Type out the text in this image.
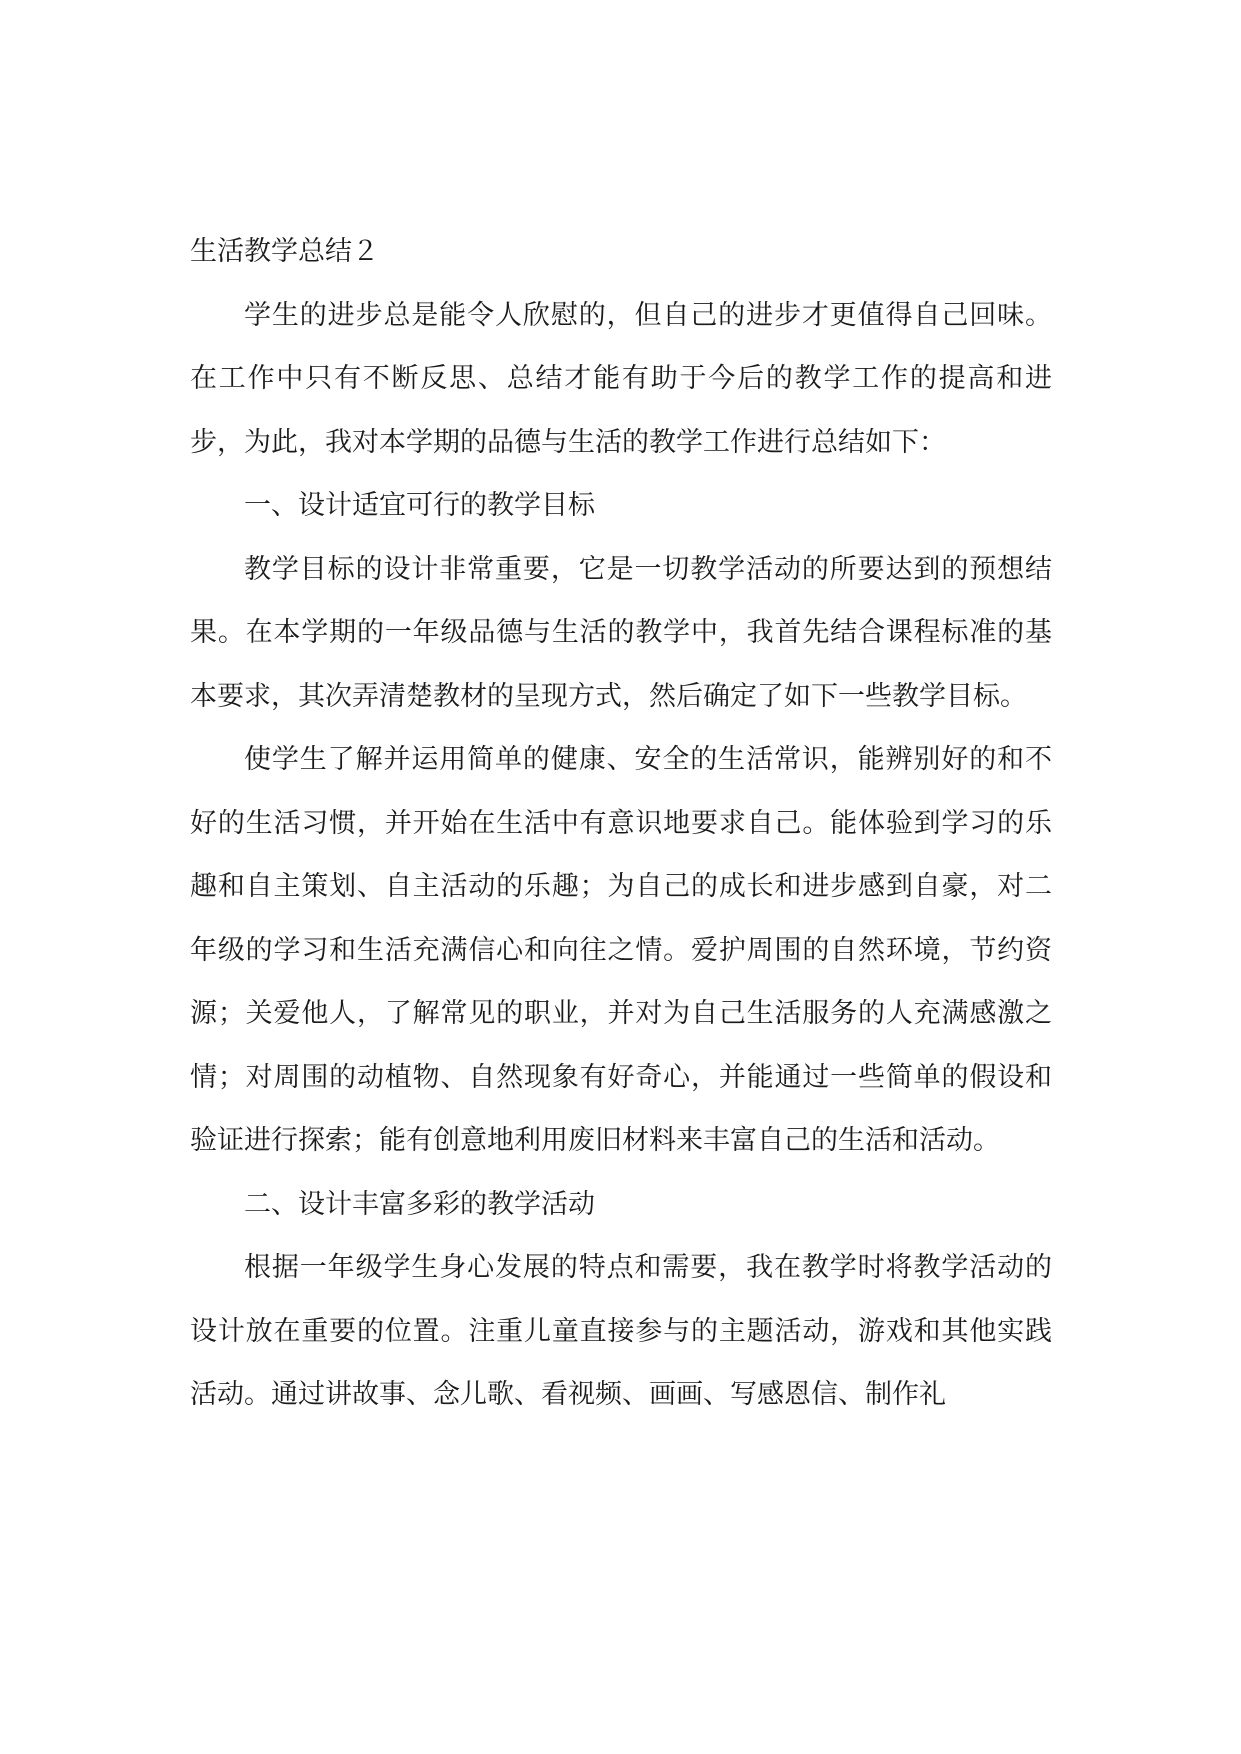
生活教学总结２

学生的进步总是能令人欣慰的，但自己的进步才更值得自己回味。在工作中只有不断反思、总结才能有助于今后的教学工作的提高和进步，为此，我对本学期的品德与生活的教学工作进行总结如下：

一、设计适宜可行的教学目标

教学目标的设计非常重要，它是一切教学活动的所要达到的预想结果。在本学期的一年级品德与生活的教学中，我首先结合课程标准的基本要求，其次弄清楚教材的呈现方式，然后确定了如下一些教学目标。

使学生了解并运用简单的健康、安全的生活常识，能辨别好的和不好的生活习惯，并开始在生活中有意识地要求自己。能体验到学习的乐趣和自主策划、自主活动的乐趣；为自己的成长和进步感到自豪，对二年级的学习和生活充满信心和向往之情。爱护周围的自然环境，节约资源；关爱他人，了解常见的职业，并对为自己生活服务的人充满感激之情；对周围的动植物、自然现象有好奇心，并能通过一些简单的假设和验证进行探索；能有创意地利用废旧材料来丰富自己的生活和活动。

二、设计丰富多彩的教学活动

根据一年级学生身心发展的特点和需要，我在教学时将教学活动的设计放在重要的位置。注重儿童直接参与的主题活动，游戏和其他实践活动。通过讲故事、念儿歌、看视频、画画、写感恩信、制作礼
